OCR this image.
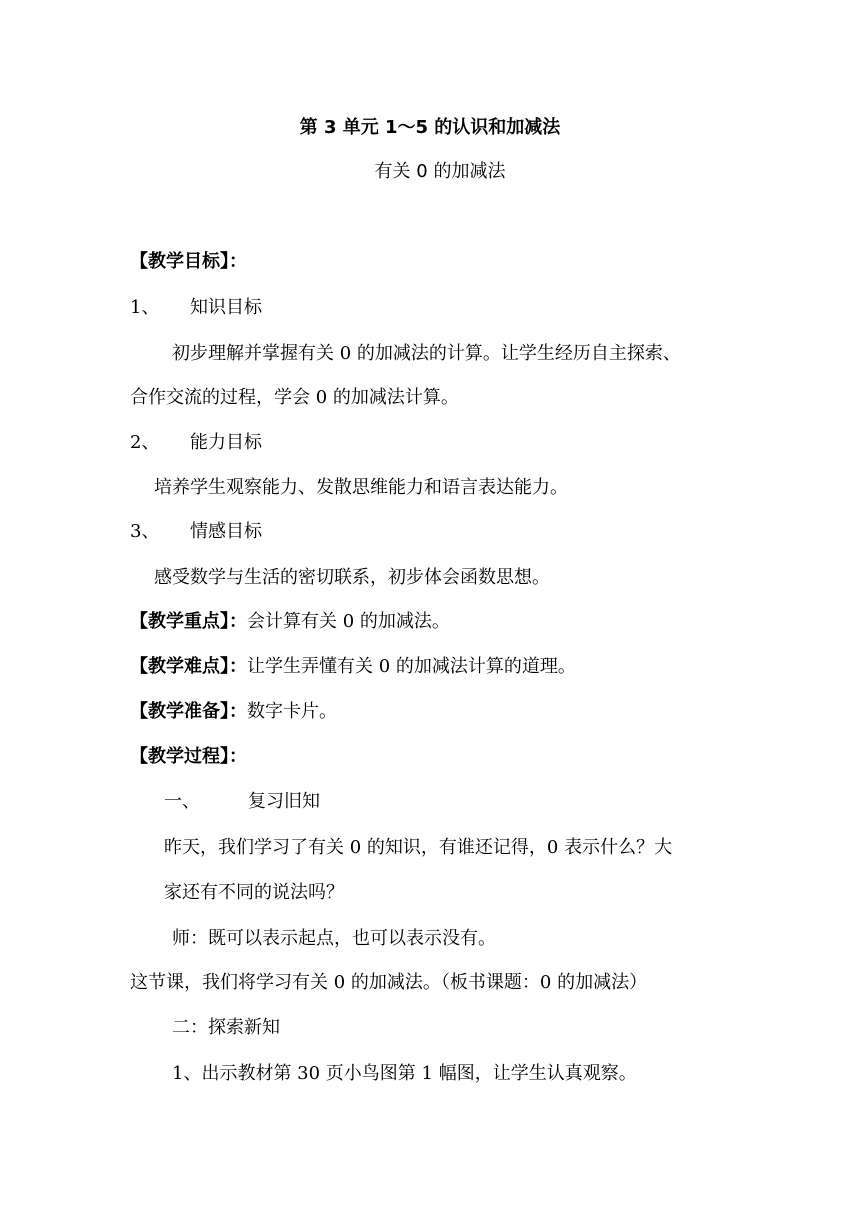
第 3 单元 1～5 的认识和加减法
有关 0 的加减法
【教学目标】：
1、 知识目标
初步理解并掌握有关 0 的加减法的计算。让学生经历自主探索、
合作交流的过程，学会 0 的加减法计算。
2、 能力目标
培养学生观察能力、发散思维能力和语言表达能力。
3、 情感目标
感受数学与生活的密切联系，初步体会函数思想。
【教学重点】：会计算有关 0 的加减法。
【教学难点】：让学生弄懂有关 0 的加减法计算的道理。
【教学准备】：数字卡片。
【教学过程】：
一、	复习旧知
昨天，我们学习了有关 0 的知识，有谁还记得，0 表示什么？大
家还有不同的说法吗？
师：既可以表示起点，也可以表示没有。
这节课，我们将学习有关 0 的加减法。（板书课题：0 的加减法）
二：探索新知
1、出示教材第 30 页小鸟图第 1 幅图，让学生认真观察。
